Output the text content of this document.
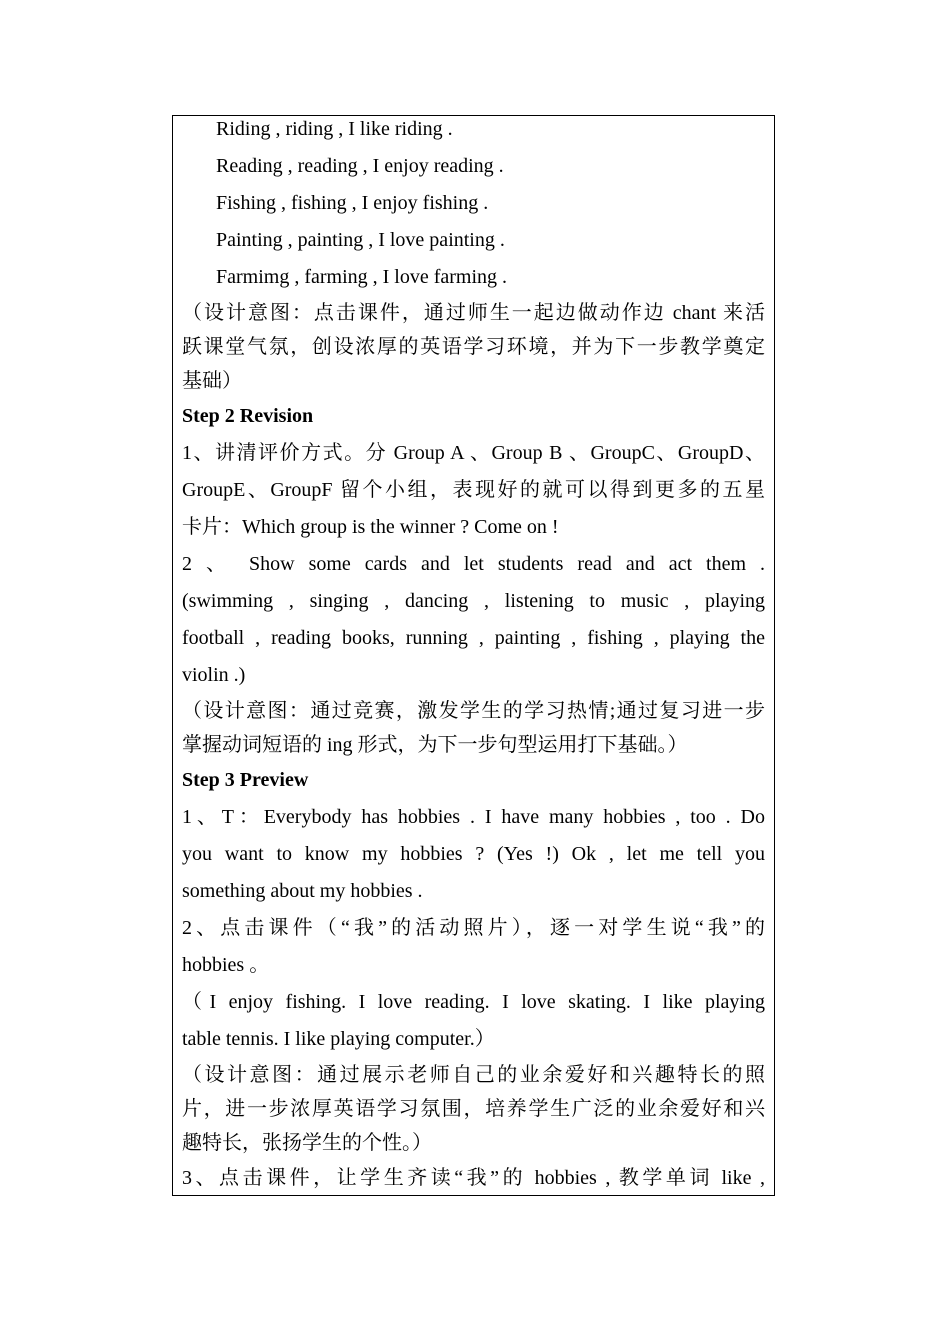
Riding , riding , I like riding .
Reading , reading , I enjoy reading .
Fishing , fishing , I enjoy fishing .
Painting , painting , I love painting .
Farmimg , farming , I love farming .
（设计意图：点击课件，通过师生一起边做动作边 chant 来活
跃课堂气氛，创设浓厚的英语学习环境，并为下一步教学奠定
基础）
Step 2 Revision
1、讲清评价方式。分 Group A 、Group B 、GroupC、GroupD、
GroupE、GroupF 留个小组，表现好的就可以得到更多的五星
卡片：Which group is the winner ? Come on !
2 、 Show some cards and let students read and act them .
(swimming , singing , dancing , listening to music , playing
football , reading books, running , painting , fishing , playing the
violin .)
（设计意图：通过竞赛，激发学生的学习热情;通过复习进一步
掌握动词短语的 ing 形式，为下一步句型运用打下基础。）
Step 3 Preview
1、T：Everybody has hobbies . I have many hobbies , too . Do
you want to know my hobbies ? (Yes !) Ok , let me tell you
something about my hobbies .
2、点击课件（“我”的活动照片），逐一对学生说“我”的
hobbies 。
（I enjoy fishing. I love reading. I love skating. I like playing
table tennis. I like playing computer.）
（设计意图：通过展示老师自己的业余爱好和兴趣特长的照
片，进一步浓厚英语学习氛围，培养学生广泛的业余爱好和兴
趣特长，张扬学生的个性。）
3、点击课件，让学生齐读“我”的 hobbies , 教学单词 like ,
